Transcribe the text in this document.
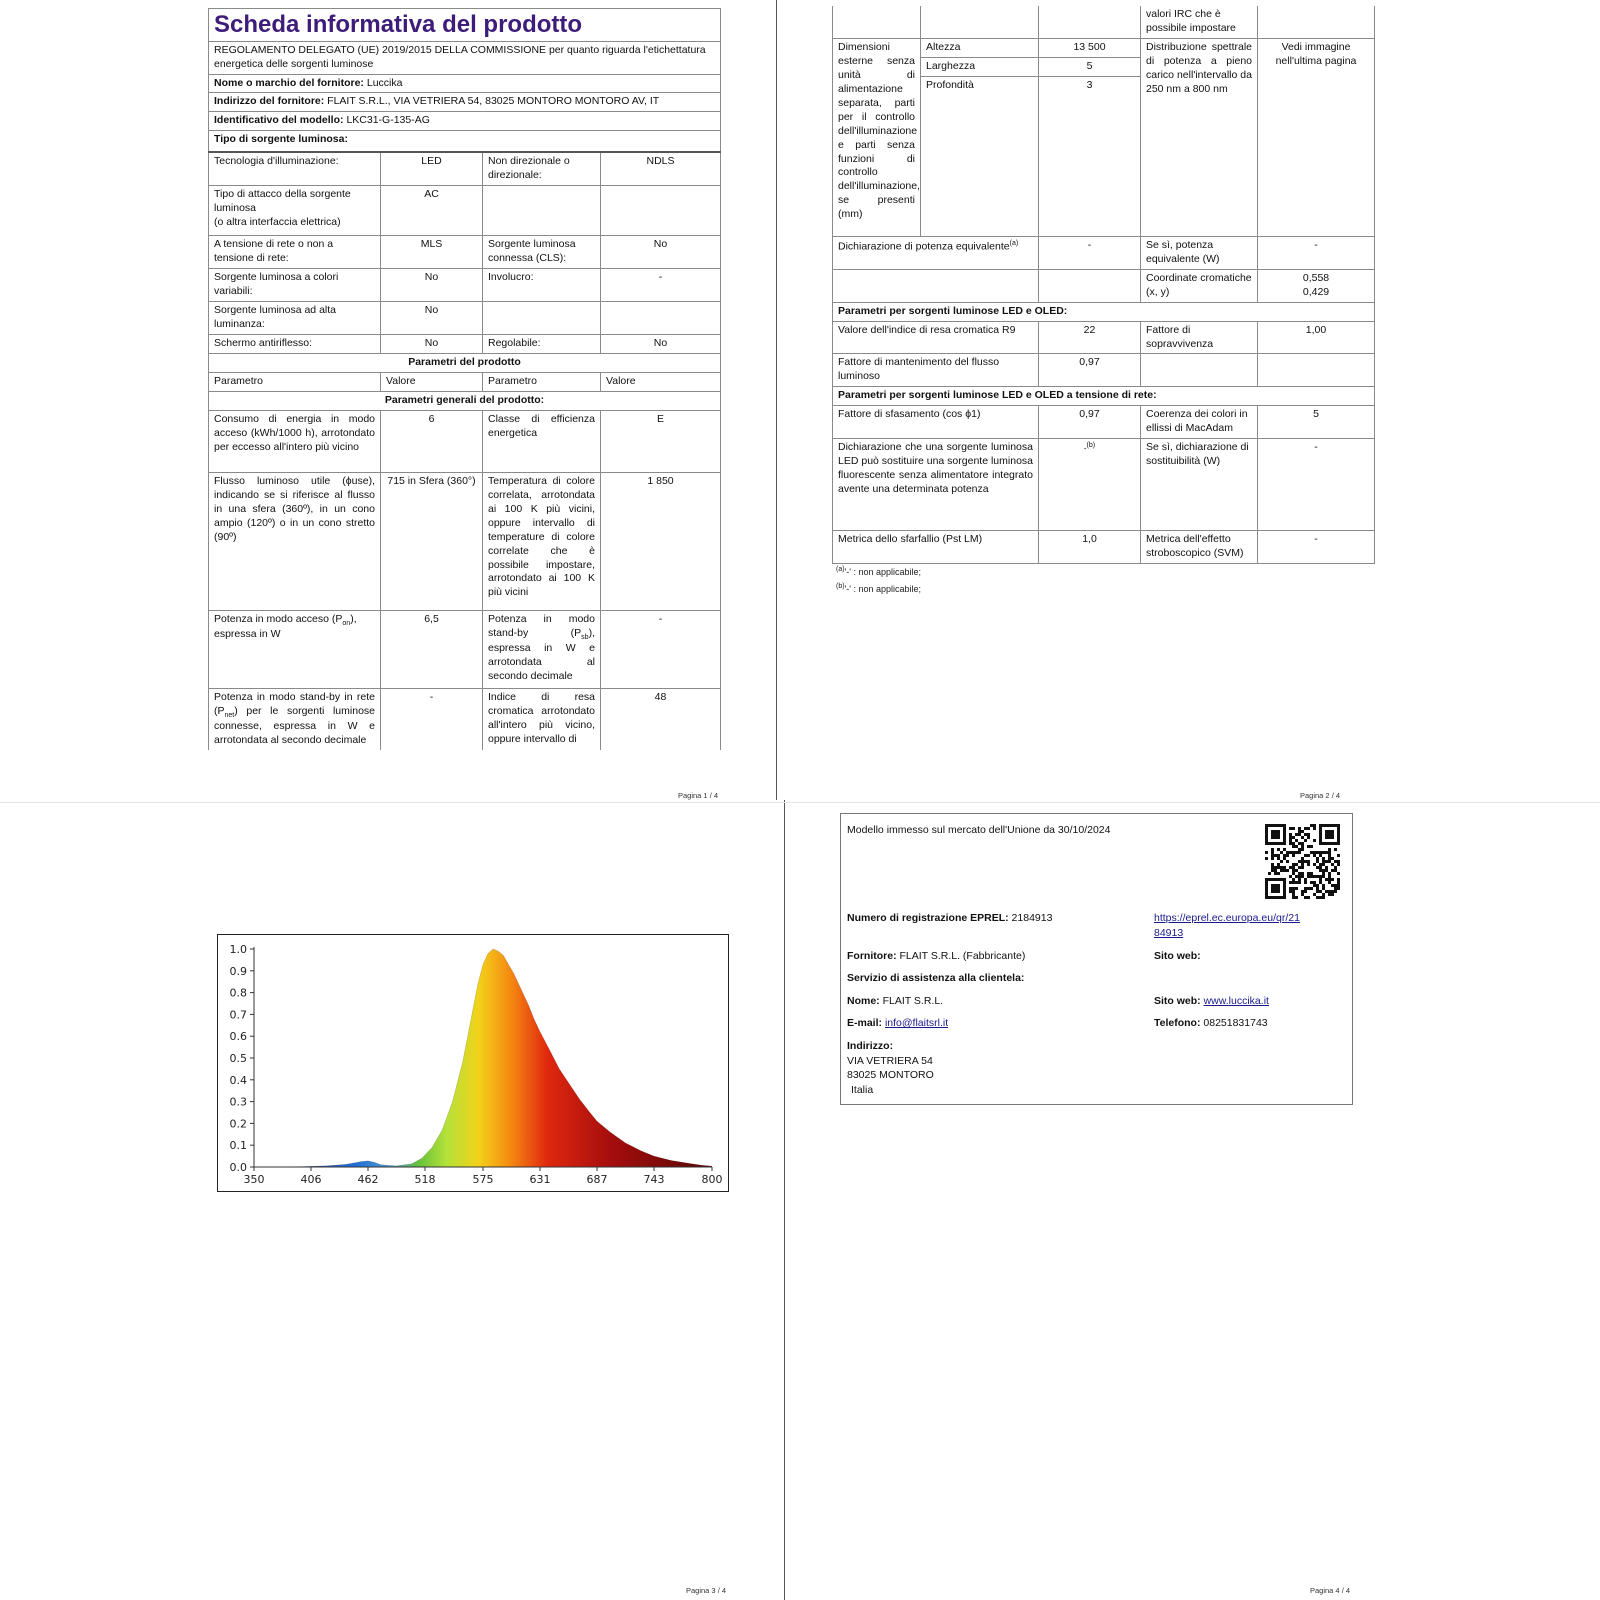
Scheda informativa del prodotto			
REGOLAMENTO DELEGATO (UE) 2019/2015 DELLA COMMISSIONE per quanto riguarda l'etichettatura energetica delle sorgenti luminose			
Nome o marchio del fornitore: Luccika			
Indirizzo del fornitore: FLAIT S.R.L., VIA VETRIERA 54, 83025 MONTORO MONTORO AV, IT			
Identificativo del modello: LKC31-G-135-AG			
Tipo di sorgente luminosa:			
Tecnologia d'illuminazione:	LED	Non direzionale o direzionale:	NDLS

Tipo di attacco della sorgente luminosa
(o altra interfaccia elettrica)	AC		
A tensione di rete o non a tensione di rete:	MLS	Sorgente luminosa connessa (CLS):	No
Sorgente luminosa a colori variabili:	No	Involucro:	-
Sorgente luminosa ad alta luminanza:	No		
Schermo antiriflesso:	No	Regolabile:	No
Parametri del prodotto			
Parametro	Valore	Parametro	Valore
Parametri generali del prodotto:			
Consumo di energia in modo acceso (kWh/1000 h), arrotondato per eccesso all'intero più vicino	6	Classe di efficienza energetica	E
Flusso luminoso utile (ϕuse), indicando se si riferisce al flusso in una sfera (360º), in un cono ampio (120º) o in un cono stretto (90º)	715 in Sfera (360°)	Temperatura di colore correlata, arrotondata ai 100 K più vicini, oppure intervallo di temperature di colore correlate che è possibile impostare, arrotondato ai 100 K più vicini	1 850
Potenza in modo acceso $(P_{on})$, espressa in W	6,5	Potenza in modo stand-by $(P_{sb})$, espressa in W e arrotondata al secondo decimale	-
Potenza in modo stand-by in rete $(P_{net})$ per le sorgenti luminose connesse, espressa in W e arrotondata al secondo decimale	-	Indice di resa cromatica arrotondato all'intero più vicino, oppure intervallo di	48
Pagina 1 / 4
			valori IRC che è possibile impostare	
Dimensioni esterne senza unità di alimentazione separata, parti per il controllo dell'illuminazione e parti senza funzioni di controllo dell'illuminazione, se presenti (mm)	Altezza	13 500	Distribuzione spettrale di potenza a pieno carico nell'intervallo da 250 nm a 800 nm	Vedi immagine nell'ultima pagina
	Larghezza	5		
	Profondità	3		
Dichiarazione di potenza equivalente$^{(a)}$		-	Se sì, potenza equivalente (W)	-
			Coordinate cromatiche (x, y)	0,558
0,429

Parametri per sorgenti luminose LED e OLED:				
Valore dell'indice di resa cromatica R9		22	Fattore di sopravvivenza	1,00
Fattore di mantenimento del flusso luminoso		0,97		
Parametri per sorgenti luminose LED e OLED a tensione di rete:				
Fattore di sfasamento (cos ϕ1)		0,97	Coerenza dei colori in ellissi di MacAdam	5
Dichiarazione che una sorgente luminosa LED può sostituire una sorgente luminosa fluorescente senza alimentatore integrato avente una determinata potenza		-$^{(b)}$	Se sì, dichiarazione di sostituibilità (W)	-
Metrica dello sfarfallio (Pst LM)		1,0	Metrica dell'effetto stroboscopico (SVM)	-
$^{(a)}$'-' : non applicabile;
$^{(b)}$'-' : non applicabile;
Pagina 2 / 4
0.0
0.1
0.2
0.3
0.4
0.5
0.6
0.7
0.8
0.9
1.0
350	406	462	518	575	631	687	743	800
Pagina 3 / 4
Modello immesso sul mercato dell'Unione da 30/10/2024
Numero di registrazione EPREL: 2184913	https://eprel.ec.europa.eu/qr/21
84913
Fornitore: FLAIT S.R.L. (Fabbricante)	Sito web:
Servizio di assistenza alla clientela:
Nome: FLAIT S.R.L.	Sito web: www.luccika.it
E-mail: info@flaitsrl.it	Telefono: 08251831743
Indirizzo:
VIA VETRIERA 54
83025 MONTORO
Italia
Pagina 4 / 4
